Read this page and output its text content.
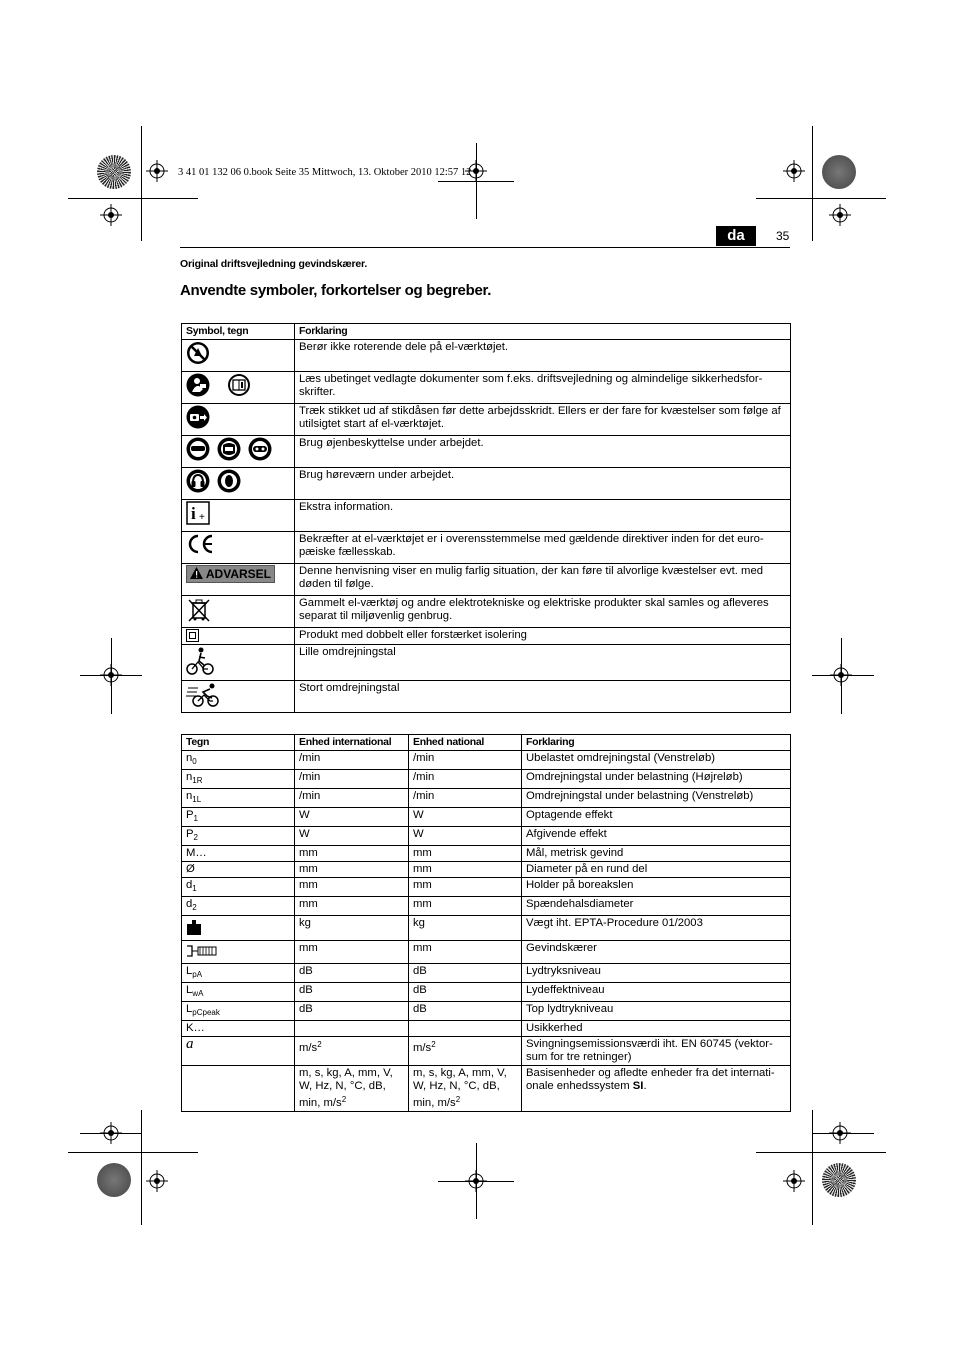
3 41 01 132 06 0.book Seite 35 Mittwoch, 13. Oktober 2010 12:57 12
da	35
Original driftsvejledning gevindskærer.
Anvendte symboler, forkortelser og begreber.
Symbol, tegn	Forklaring
	Berør ikke roterende dele på el-værktøjet.
	Læs ubetinget vedlagte dokumenter som f.eks. driftsvejledning og almindelige sikkerhedsfor-skrifter.
	Træk stikket ud af stikdåsen før dette arbejdsskridt. Ellers er der fare for kvæstelser som følge af utilsigtet start af el-værktøjet.
	Brug øjenbeskyttelse under arbejdet.
	Brug høreværn under arbejdet.

i +	Ekstra information.
	Bekræfter at el-værktøjet er i overensstemmelse med gældende direktiver inden for det euro-pæiske fællesskab.
ADVARSEL	Denne henvisning viser en mulig farlig situation, der kan føre til alvorlige kvæstelser evt. med døden til følge.
	Gammelt el-værktøj og andre elektrotekniske og elektriske produkter skal samles og afleveres separat til miljøvenlig genbrug.
	Produkt med dobbelt eller forstærket isolering
	Lille omdrejningstal
	Stort omdrejningstal
Tegn	Enhed international	Enhed national	Forklaring
$n_0$	/min	/min	Ubelastet omdrejningstal (Venstreløb)
$n_{1R}$	/min	/min	Omdrejningstal under belastning (Højreløb)
$n_{1L}$	/min	/min	Omdrejningstal under belastning (Venstreløb)
$P_1$	W	W	Optagende effekt
$P_2$	W	W	Afgivende effekt
M…	mm	mm	Mål, metrisk gevind
Ø	mm	mm	Diameter på en rund del
$d_1$	mm	mm	Holder på boreakslen
$d_2$	mm	mm	Spændehalsdiameter
	kg	kg	Vægt iht. EPTA-Procedure 01/2003
	mm	mm	Gevindskærer
$L_{pA}$	dB	dB	Lydtryksniveau
$L_{wA}$	dB	dB	Lydeffektniveau
$L_{pCpeak}$	dB	dB	Top lydtrykniveau
K…			Usikkerhed
a	$m/s^2$	$m/s^2$	Svingningsemissionsværdi iht. EN 60745 (vektor-sum for tre retninger)
	m, s, kg, A, mm, V, W, Hz, N, °C, dB, min, $m/s^2$	m, s, kg, A, mm, V, W, Hz, N, °C, dB, min, $m/s^2$	Basisenheder og afledte enheder fra det internati-onale enhedssystem SI.
